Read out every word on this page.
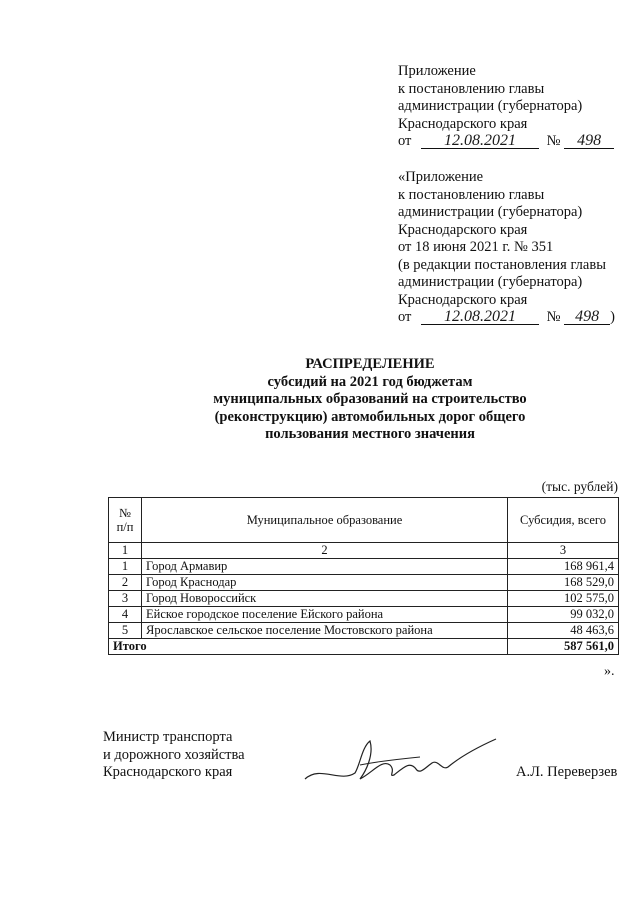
Приложение
к постановлению главы
администрации (губернатора)
Краснодарского края
от 12.08.2021 № 498
«Приложение
к постановлению главы
администрации (губернатора)
Краснодарского края
от 18 июня 2021 г. № 351
(в редакции постановления главы
администрации (губернатора)
Краснодарского края
от 12.08.2021 № 498 )
РАСПРЕДЕЛЕНИЕ
субсидий на 2021 год бюджетам
муниципальных образований на строительство
(реконструкцию) автомобильных дорог общего
пользования местного значения
(тыс. рублей)
№ п/п	Муниципальное образование	Субсидия, всего
1	2	3
1	Город Армавир	168 961,4
2	Город Краснодар	168 529,0
3	Город Новороссийск	102 575,0
4	Ейское городское поселение Ейского района	99 032,0
5	Ярославское сельское поселение Мостовского района	48 463,6
Итого		587 561,0
».
Министр транспорта
и дорожного хозяйства
Краснодарского края	А.Л. Переверзев
